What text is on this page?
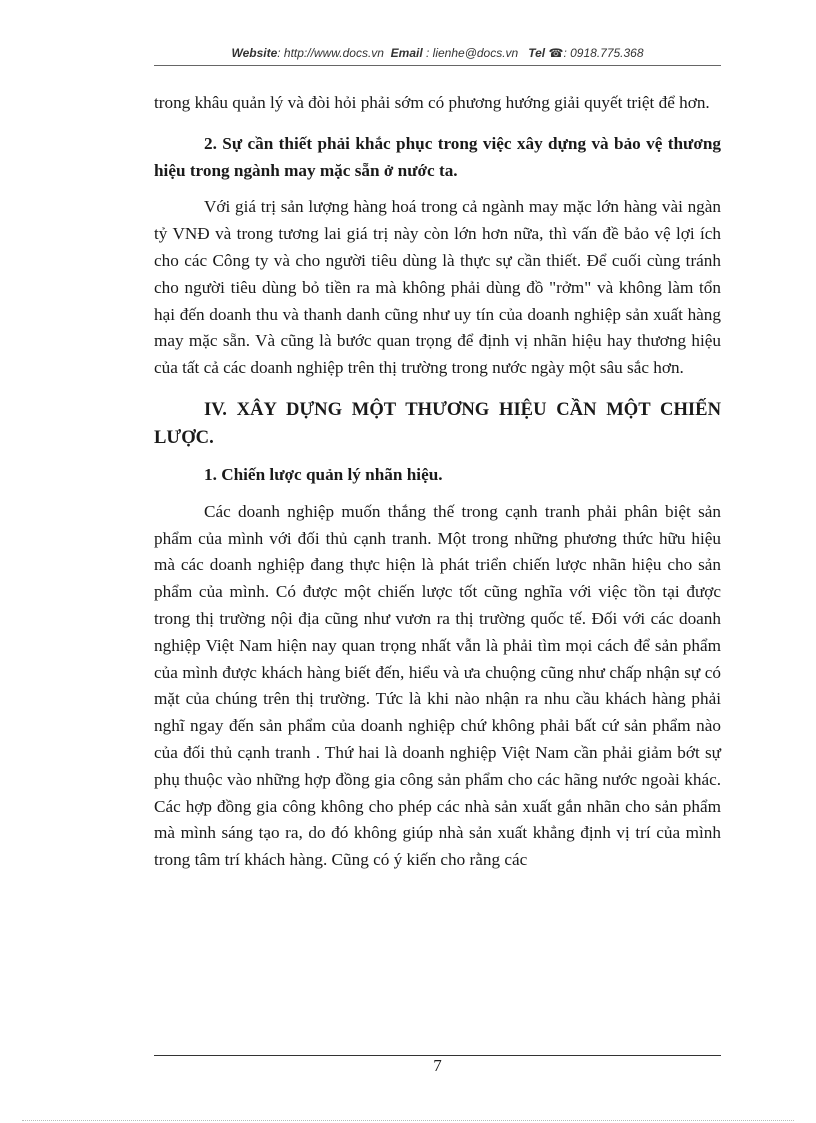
Website: http://www.docs.vn Email : lienhe@docs.vn Tel ☎: 0918.775.368

trong khâu quản lý và đòi hỏi phải sớm có phương hướng giải quyết triệt để hơn.

2. Sự cần thiết phải khắc phục trong việc xây dựng và bảo vệ thương hiệu trong ngành may mặc sẵn ở nước ta.

Với giá trị sản lượng hàng hoá trong cả ngành may mặc lớn hàng vài ngàn tỷ VNĐ và trong tương lai giá trị này còn lớn hơn nữa, thì vấn đề bảo vệ lợi ích cho các Công ty và cho người tiêu dùng là thực sự cần thiết. Để cuối cùng tránh cho người tiêu dùng bỏ tiền ra mà không phải dùng đồ "rởm" và không làm tổn hại đến doanh thu và thanh danh cũng như uy tín của doanh nghiệp sản xuất hàng may mặc sẵn. Và cũng là bước quan trọng để định vị nhãn hiệu hay thương hiệu của tất cả các doanh nghiệp trên thị trường trong nước ngày một sâu sắc hơn.

IV. XÂY DỰNG MỘT THƯƠNG HIỆU CẦN MỘT CHIẾN LƯỢC.

1. Chiến lược quản lý nhãn hiệu.

Các doanh nghiệp muốn thắng thế trong cạnh tranh phải phân biệt sản phẩm của mình với đối thủ cạnh tranh. Một trong những phương thức hữu hiệu mà các doanh nghiệp đang thực hiện là phát triển chiến lược nhãn hiệu cho sản phẩm của mình. Có được một chiến lược tốt cũng nghĩa với việc tồn tại được trong thị trường nội địa cũng như vươn ra thị trường quốc tế. Đối với các doanh nghiệp Việt Nam hiện nay quan trọng nhất vẫn là phải tìm mọi cách để sản phẩm của mình được khách hàng biết đến, hiểu và ưa chuộng cũng như chấp nhận sự có mặt của chúng trên thị trường. Tức là khi nào nhận ra nhu cầu khách hàng phải nghĩ ngay đến sản phẩm của doanh nghiệp chứ không phải bất cứ sản phẩm nào của đối thủ cạnh tranh . Thứ hai là doanh nghiệp Việt Nam cần phải giảm bớt sự phụ thuộc vào những hợp đồng gia công sản phẩm cho các hãng nước ngoài khác. Các hợp đồng gia công không cho phép các nhà sản xuất gắn nhãn cho sản phẩm mà mình sáng tạo ra, do đó không giúp nhà sản xuất khẳng định vị trí của mình trong tâm trí khách hàng. Cũng có ý kiến cho rằng các

7
